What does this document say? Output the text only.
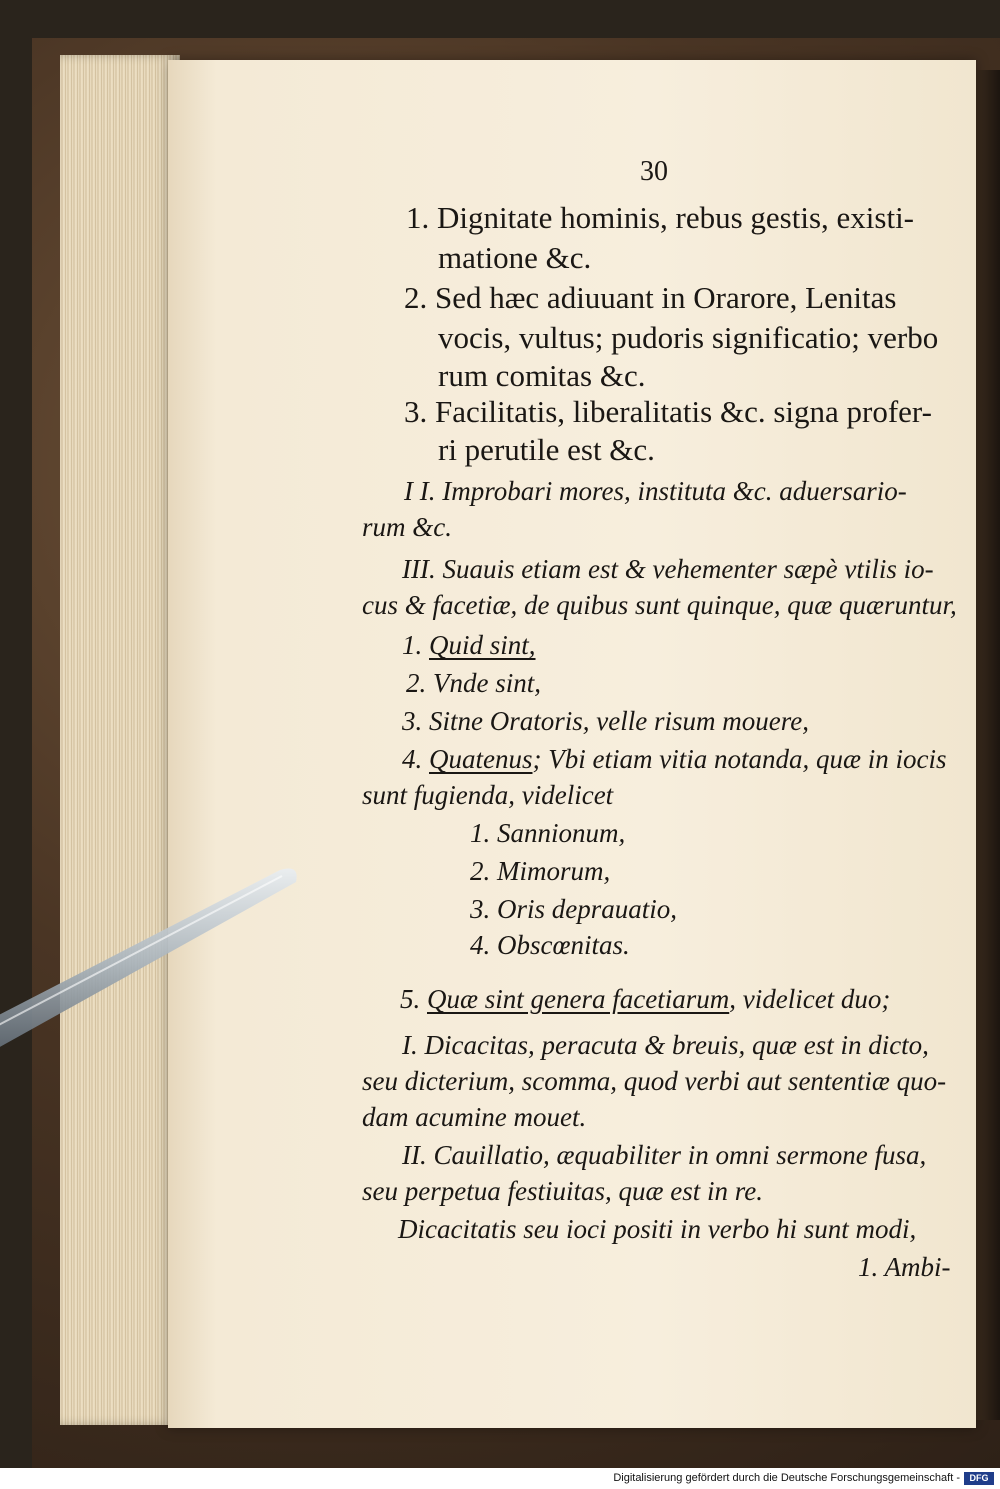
30
1. Dignitate hominis, rebus gestis, existi-
matione &c.
2. Sed hæc adiuuant in Orarore, Lenitas
vocis, vultus; pudoris significatio; verbo
rum comitas &c.
3. Facilitatis, liberalitatis &c. signa profer-
ri perutile est &c.
I I. Improbari mores, instituta &c. aduersario-
rum &c.
III. Suauis etiam est & vehementer sæpè vtilis io-
cus & facetiæ, de quibus sunt quinque, quæ quæruntur,
1. Quid sint,
2. Vnde sint,
3. Sitne Oratoris, velle risum mouere,
4. Quatenus; Vbi etiam vitia notanda, quæ in iocis
sunt fugienda, videlicet
1. Sannionum,
2. Mimorum,
3. Oris deprauatio,
4. Obscœnitas.
5. Quæ sint genera facetiarum, videlicet duo;
I. Dicacitas, peracuta & breuis, quæ est in dicto,
seu dicterium, scomma, quod verbi aut sententiæ quo-
dam acumine mouet.
II. Cauillatio, æquabiliter in omni sermone fusa,
seu perpetua festiuitas, quæ est in re.
Dicacitatis seu ioci positi in verbo hi sunt modi,
1. Ambi-
Digitalisierung gefördert durch die Deutsche Forschungsgemeinschaft -	DFG
